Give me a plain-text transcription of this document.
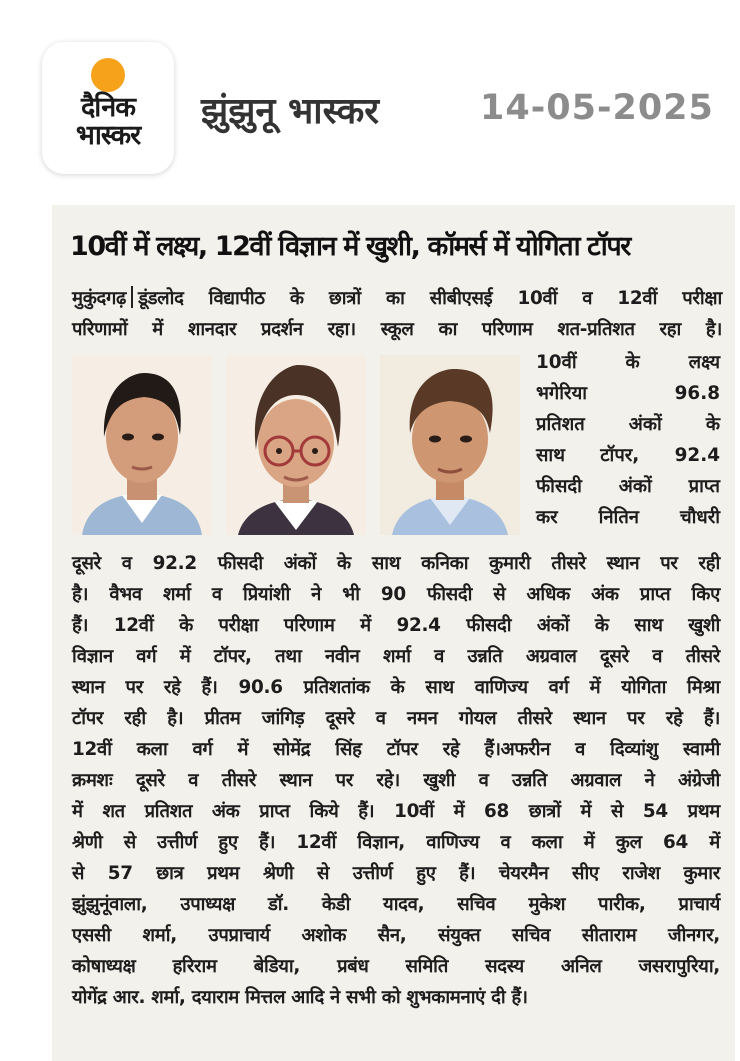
दैनिक
भास्कर
झुंझुनू भास्कर	14-05-2025
10वीं में लक्ष्य, 12वीं विज्ञान में खुशी, कॉमर्स में योगिता टॉपर
मुकुंदगढ़ डूंडलोद विद्यापीठ के छात्रों का सीबीएसई 10वीं व 12वीं परीक्षा
परिणामों में शानदार प्रदर्शन रहा। स्कूल का परिणाम शत-प्रतिशत रहा है।
10वीं के लक्ष्य
भगेरिया 96.8
प्रतिशत अंकों के
साथ टॉपर, 92.4
फीसदी अंकों प्राप्त
कर नितिन चौधरी
दूसरे व 92.2 फीसदी अंकों के साथ कनिका कुमारी तीसरे स्थान पर रही
है। वैभव शर्मा व प्रियांशी ने भी 90 फीसदी से अधिक अंक प्राप्त किए
हैं। 12वीं के परीक्षा परिणाम में 92.4 फीसदी अंकों के साथ खुशी
विज्ञान वर्ग में टॉपर, तथा नवीन शर्मा व उन्नति अग्रवाल दूसरे व तीसरे
स्थान पर रहे हैं। 90.6 प्रतिशतांक के साथ वाणिज्य वर्ग में योगिता मिश्रा
टॉपर रही है। प्रीतम जांगिड़ दूसरे व नमन गोयल तीसरे स्थान पर रहे हैं।
12वीं कला वर्ग में सोमेंद्र सिंह टॉपर रहे हैं।अफरीन व दिव्यांशु स्वामी
क्रमशः दूसरे व तीसरे स्थान पर रहे। खुशी व उन्नति अग्रवाल ने अंग्रेजी
में शत प्रतिशत अंक प्राप्त किये हैं। 10वीं में 68 छात्रों में से 54 प्रथम
श्रेणी से उत्तीर्ण हुए हैं। 12वीं विज्ञान, वाणिज्य व कला में कुल 64 में
से 57 छात्र प्रथम श्रेणी से उत्तीर्ण हुए हैं। चेयरमैन सीए राजेश कुमार
झुंझुनूंवाला, उपाध्यक्ष डॉ. केडी यादव, सचिव मुकेश पारीक, प्राचार्य
एससी शर्मा, उपप्राचार्य अशोक सैन, संयुक्त सचिव सीताराम जीनगर,
कोषाध्यक्ष हरिराम बेडिया, प्रबंध समिति सदस्य अनिल जसरापुरिया,
योगेंद्र आर. शर्मा, दयाराम मित्तल आदि ने सभी को शुभकामनाएं दी हैं।
